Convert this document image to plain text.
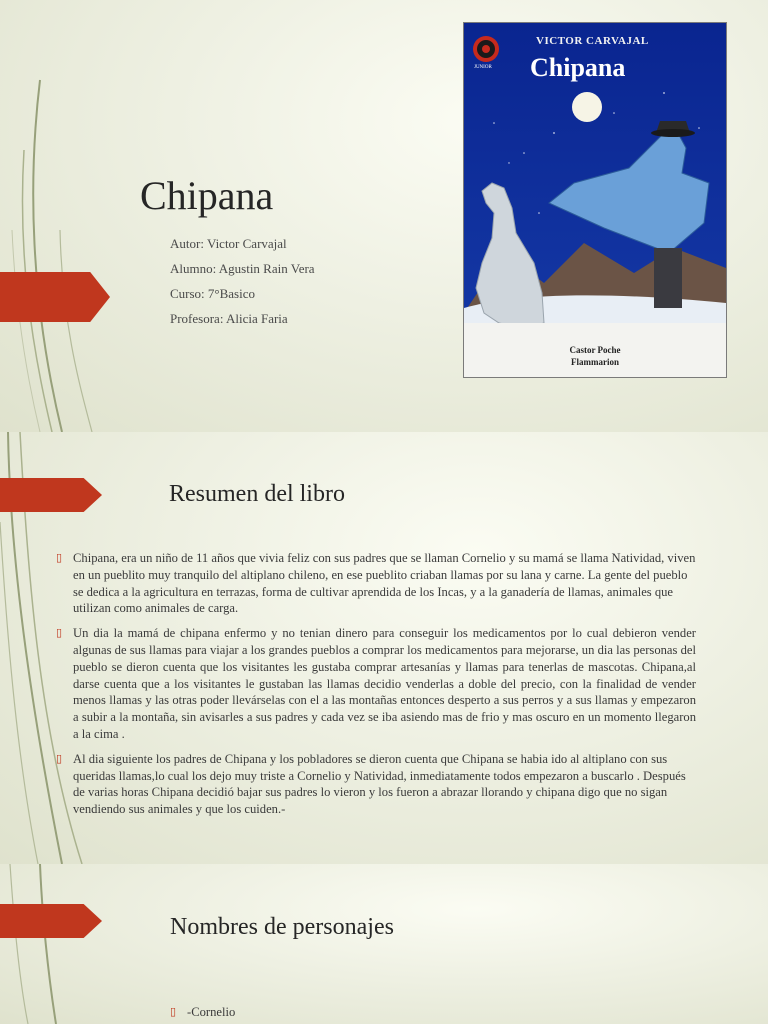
Chipana
Autor: Victor Carvajal
Alumno: Agustin Rain Vera
Curso: 7°Basico
Profesora: Alicia Faria
VICTOR CARVAJAL
Chipana
JUNIOR
Castor Poche
Flammarion
Resumen del libro
▯ Chipana, era un niño de 11 años que vivia feliz con sus padres que se llaman Cornelio y su mamá se llama Natividad, viven en un pueblito muy tranquilo del altiplano chileno, en ese pueblito criaban llamas por su lana y carne. La gente del pueblo se dedica a la agricultura en terrazas, forma de cultivar aprendida de los Incas, y a la ganadería de llamas, animales que utilizan como animales de carga.
▯ Un dia la mamá de chipana enfermo y no tenian dinero para conseguir los medicamentos por lo cual debieron vender algunas de sus llamas para viajar a los grandes pueblos a comprar los medicamentos para mejorarse, un dia las personas del pueblo se dieron cuenta que los visitantes les gustaba comprar artesanías y llamas para tenerlas de mascotas. Chipana,al darse cuenta que a los visitantes le gustaban las llamas decidio venderlas a doble del precio, con la finalidad de vender menos llamas y las otras poder llevárselas con el a las montañas entonces desperto a sus perros y a sus llamas y empezaron a subir a la montaña, sin avisarles a sus padres y cada vez se iba asiendo mas de frio y mas oscuro en un momento llegaron a la cima .
▯ Al dia siguiente los padres de Chipana y los pobladores se dieron cuenta que Chipana se habia ido al altiplano con sus queridas llamas,lo cual los dejo muy triste a Cornelio y Natividad, inmediatamente todos empezaron a buscarlo . Después de varias horas Chipana decidió bajar sus padres lo vieron y los fueron a abrazar llorando y chipana digo que no sigan vendiendo sus animales y que los cuiden.-
Nombres de personajes
▯ -Cornelio
